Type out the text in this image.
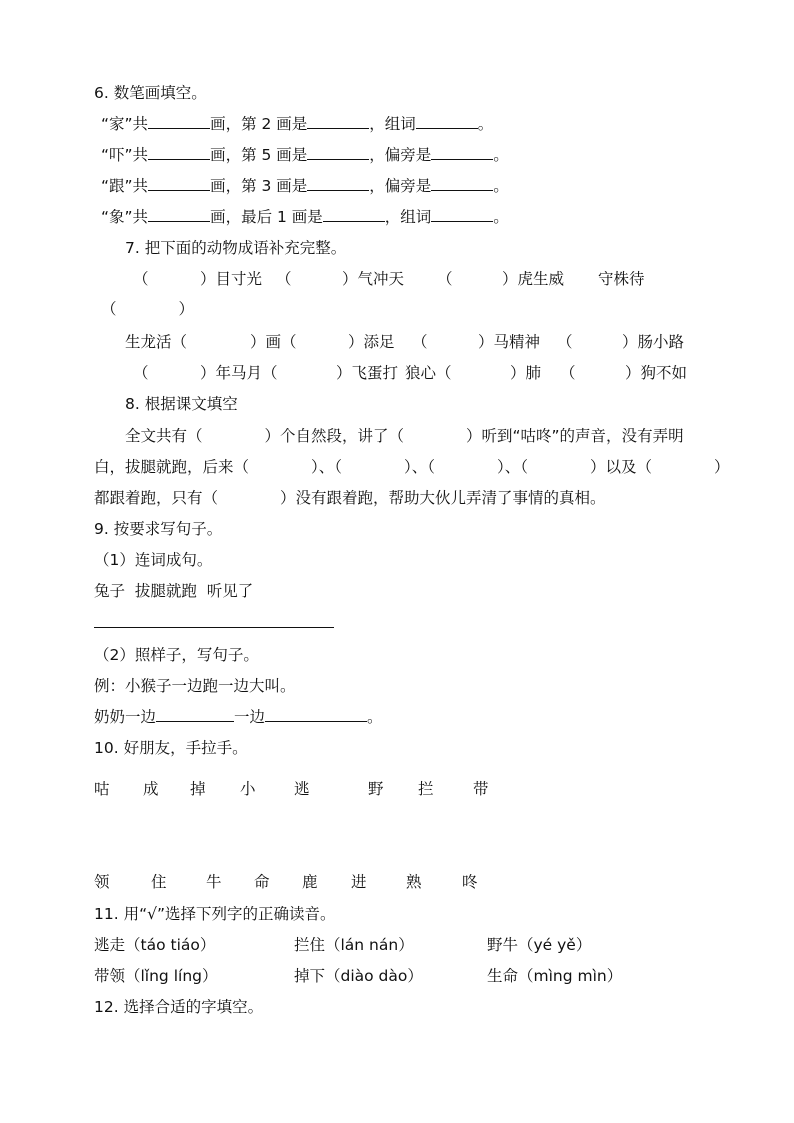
6. 数笔画填空。
“家”共	画，第 2 画是	，组词	。
“吓”共	画，第 5 画是	，偏旁是	。
“跟”共	画，第 3 画是	，偏旁是	。
“象”共	画，最后 1 画是	，组词	。
7. 把下面的动物成语补充完整。
（	）目寸光 （	）气冲天 （	）虎生威 守株待
（　　　　）
生龙活（	）画（	）添足 （	）马精神 （	）肠小路
（	）年马月（	）飞蛋打 狼心（	）肺 （	）狗不如
8. 根据课文填空
全文共有（　　　　）个自然段，讲了（　　　　）听到“咕咚”的声音，没有弄明
白，拔腿就跑，后来（　　　　）、（　　　　）、（　　　　）、（　　　　）以及（　　　　）
都跟着跑，只有（　　　　）没有跟着跑，帮助大伙儿弄清了事情的真相。
9. 按要求写句子。
（1）连词成句。
兔子  拔腿就跑  听见了
（2）照样子，写句子。
例：小猴子一边跑一边大叫。
奶奶一边	一边	。
10. 好朋友，手拉手。
咕 成 掉 小 逃	野 拦	带
领	住	牛 命 鹿 进	熟	咚
11. 用“√”选择下列字的正确读音。
逃走（táo tiáo）	拦住（lán nán）	野牛（yé yě）
带领（lǐng líng）	掉下（diào dào）	生命（mìng mìn）
12. 选择合适的字填空。
